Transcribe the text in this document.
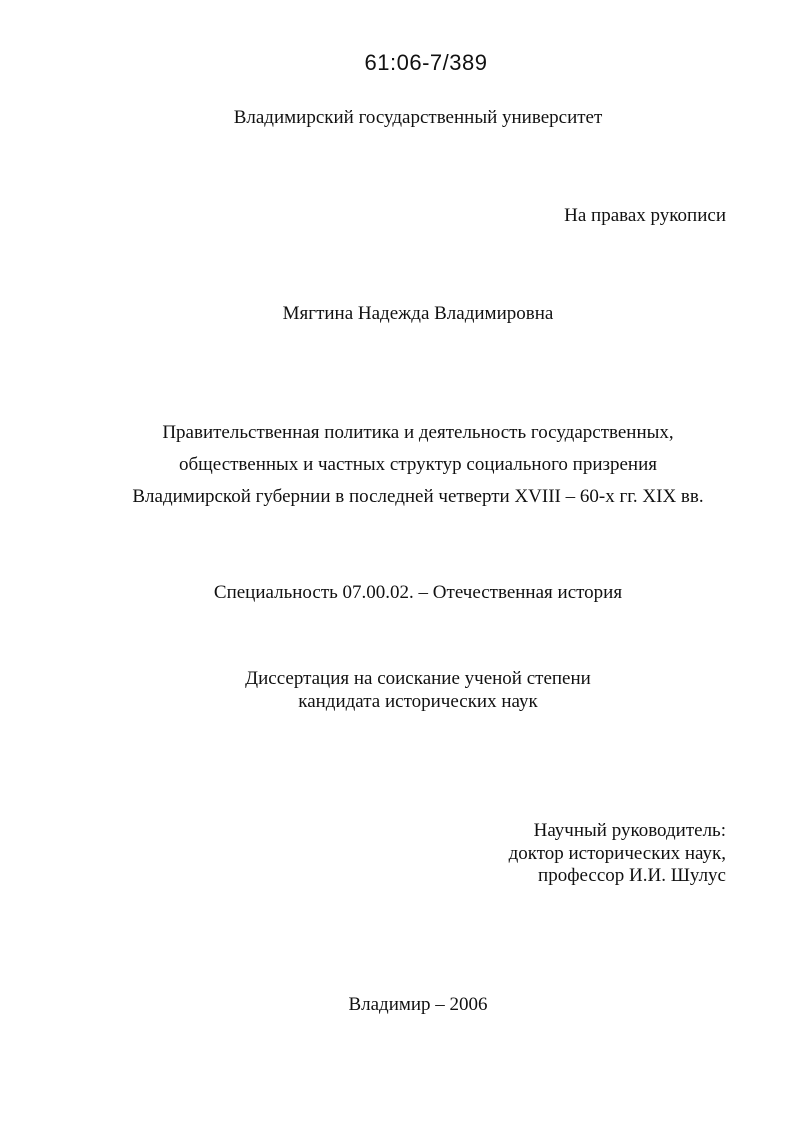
61:06-7/389
Владимирский государственный университет
На правах рукописи
Мягтина Надежда Владимировна
Правительственная политика и деятельность государственных,
общественных и частных структур социального призрения
Владимирской губернии в последней четверти XVIII – 60-х гг. XIX вв.
Специальность 07.00.02. – Отечественная история
Диссертация на соискание ученой степени
кандидата исторических наук
Научный руководитель:
доктор исторических наук,
профессор И.И. Шулус
Владимир – 2006
